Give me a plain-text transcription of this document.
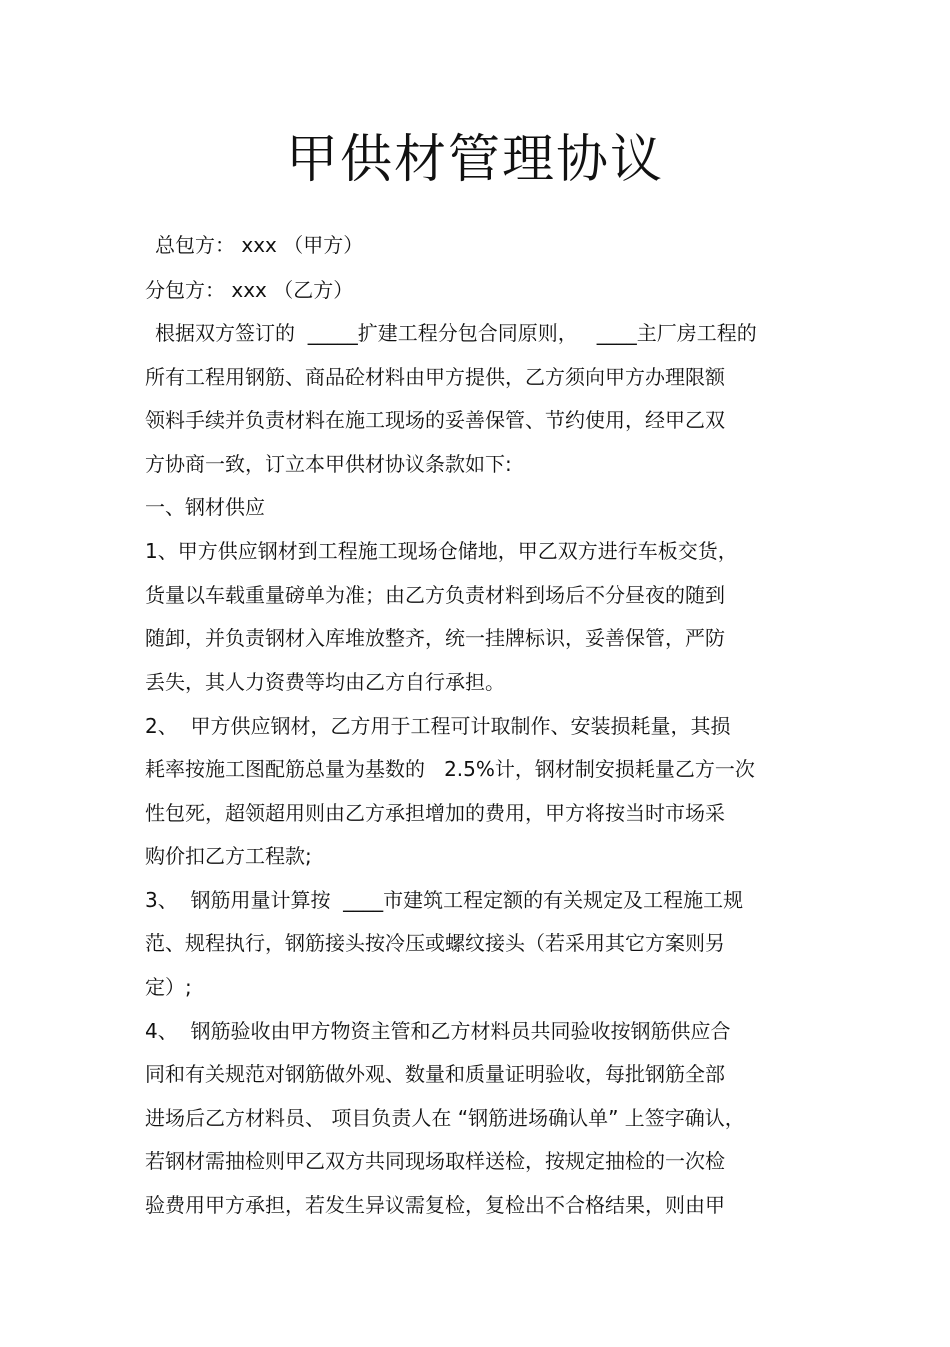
甲供材管理协议
总包方： xxx （甲方）
分包方： xxx （乙方）
根据双方签订的  _____扩建工程分包合同原则，   ____主厂房工程的
所有工程用钢筋、商品砼材料由甲方提供，乙方须向甲方办理限额
领料手续并负责材料在施工现场的妥善保管、节约使用，经甲乙双
方协商一致，订立本甲供材协议条款如下:
一、钢材供应
1、甲方供应钢材到工程施工现场仓储地，甲乙双方进行车板交货，
货量以车载重量磅单为准；由乙方负责材料到场后不分昼夜的随到
随卸，并负责钢材入库堆放整齐，统一挂牌标识，妥善保管，严防
丢失，其人力资费等均由乙方自行承担。
2、  甲方供应钢材，乙方用于工程可计取制作、安装损耗量，其损
耗率按施工图配筋总量为基数的   2.5%计，钢材制安损耗量乙方一次
性包死，超领超用则由乙方承担增加的费用，甲方将按当时市场采
购价扣乙方工程款;
3、  钢筋用量计算按  ____市建筑工程定额的有关规定及工程施工规
范、规程执行，钢筋接头按冷压或螺纹接头（若采用其它方案则另
定）;
4、  钢筋验收由甲方物资主管和乙方材料员共同验收按钢筋供应合
同和有关规范对钢筋做外观、数量和质量证明验收，每批钢筋全部
进场后乙方材料员、 项目负责人在 “钢筋进场确认单” 上签字确认，
若钢材需抽检则甲乙双方共同现场取样送检，按规定抽检的一次检
验费用甲方承担，若发生异议需复检，复检出不合格结果，则由甲
